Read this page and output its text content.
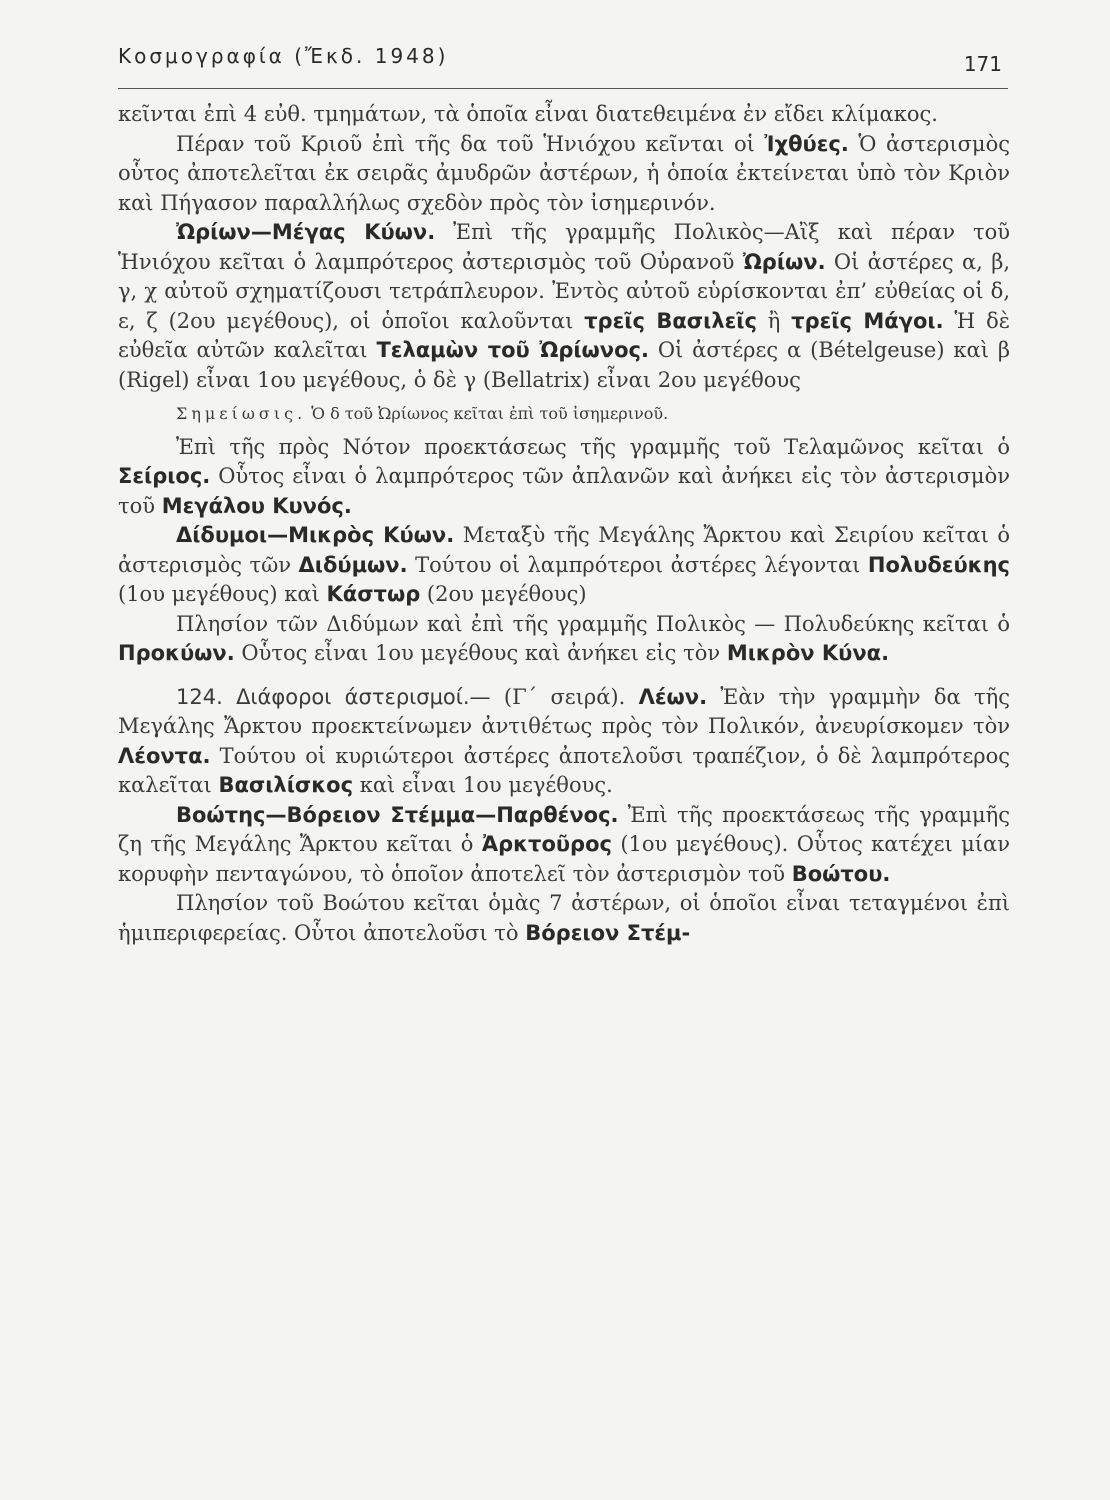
Κοσμογραφία (Ἔκδ. 1948)	171

κεῖνται ἐπὶ 4 εὐθ. τμημάτων, τὰ ὁποῖα εἶναι διατεθειμένα ἐν εἴδει κλίμακος.

Πέραν τοῦ Κριοῦ ἐπὶ τῆς δα τοῦ Ἡνιόχου κεῖνται οἱ Ἰχθύες. Ὁ ἀστερισμὸς οὗτος ἀποτελεῖται ἐκ σειρᾶς ἀμυδρῶν ἀστέρων, ἡ ὁποία ἐκτείνεται ὑπὸ τὸν Κριὸν καὶ Πήγασον παραλλήλως σχεδὸν πρὸς τὸν ἰσημερινόν.

Ὠρίων—Μέγας Κύων. Ἐπὶ τῆς γραμμῆς Πολικὸς—Αἲξ καὶ πέραν τοῦ Ἡνιόχου κεῖται ὁ λαμπρότερος ἀστερισμὸς τοῦ Οὐρανοῦ Ὠρίων. Οἱ ἀστέρες α, β, γ, χ αὐτοῦ σχηματίζουσι τετράπλευρον. Ἐντὸς αὐτοῦ εὑρίσκονται ἐπ’ εὐθείας οἱ δ, ε, ζ (2ου μεγέθους), οἱ ὁποῖοι καλοῦνται τρεῖς Βασιλεῖς ἢ τρεῖς Μάγοι. Ἡ δὲ εὐθεῖα αὐτῶν καλεῖται Τελαμὼν τοῦ Ὠρίωνος. Οἱ ἀστέρες α (Bételgeuse) καὶ β (Rigel) εἶναι 1ου μεγέθους, ὁ δὲ γ (Bellatrix) εἶναι 2ου μεγέθους

Σημείωσις. Ὁ δ τοῦ Ὠρίωνος κεῖται ἐπὶ τοῦ ἰσημερινοῦ.

Ἐπὶ τῆς πρὸς Νότον προεκτάσεως τῆς γραμμῆς τοῦ Τελαμῶνος κεῖται ὁ Σείριος. Οὗτος εἶναι ὁ λαμπρότερος τῶν ἀπλανῶν καὶ ἀνήκει εἰς τὸν ἀστερισμὸν τοῦ Μεγάλου Κυνός.

Δίδυμοι—Μικρὸς Κύων. Μεταξὺ τῆς Μεγάλης Ἄρκτου καὶ Σειρίου κεῖται ὁ ἀστερισμὸς τῶν Διδύμων. Τούτου οἱ λαμπρότεροι ἀστέρες λέγονται Πολυδεύκης (1ου μεγέθους) καὶ Κάστωρ (2ου μεγέθους)

Πλησίον τῶν Διδύμων καὶ ἐπὶ τῆς γραμμῆς Πολικὸς — Πολυδεύκης κεῖται ὁ Προκύων. Οὗτος εἶναι 1ου μεγέθους καὶ ἀνήκει εἰς τὸν Μικρὸν Κύνα.

124. Διάφοροι άστερισμοί.— (Γ΄ σειρά). Λέων. Ἐὰν τὴν γραμμὴν δα τῆς Μεγάλης Ἄρκτου προεκτείνωμεν ἀντιθέτως πρὸς τὸν Πολικόν, ἀνευρίσκομεν τὸν Λέοντα. Τούτου οἱ κυριώτεροι ἀστέρες ἀποτελοῦσι τραπέζιον, ὁ δὲ λαμπρότερος καλεῖται Βασιλίσκος καὶ εἶναι 1ου μεγέθους.

Βοώτης—Βόρειον Στέμμα—Παρθένος. Ἐπὶ τῆς προεκτάσεως τῆς γραμμῆς ζη τῆς Μεγάλης Ἄρκτου κεῖται ὁ Ἀρκτοῦρος (1ου μεγέθους). Οὗτος κατέχει μίαν κορυφὴν πενταγώνου, τὸ ὁποῖον ἀποτελεῖ τὸν ἀστερισμὸν τοῦ Βοώτου.

Πλησίον τοῦ Βοώτου κεῖται ὁμὰς 7 ἀστέρων, οἱ ὁποῖοι εἶναι τεταγμένοι ἐπὶ ἡμιπεριφερείας. Οὗτοι ἀποτελοῦσι τὸ Βόρειον Στέμ-
